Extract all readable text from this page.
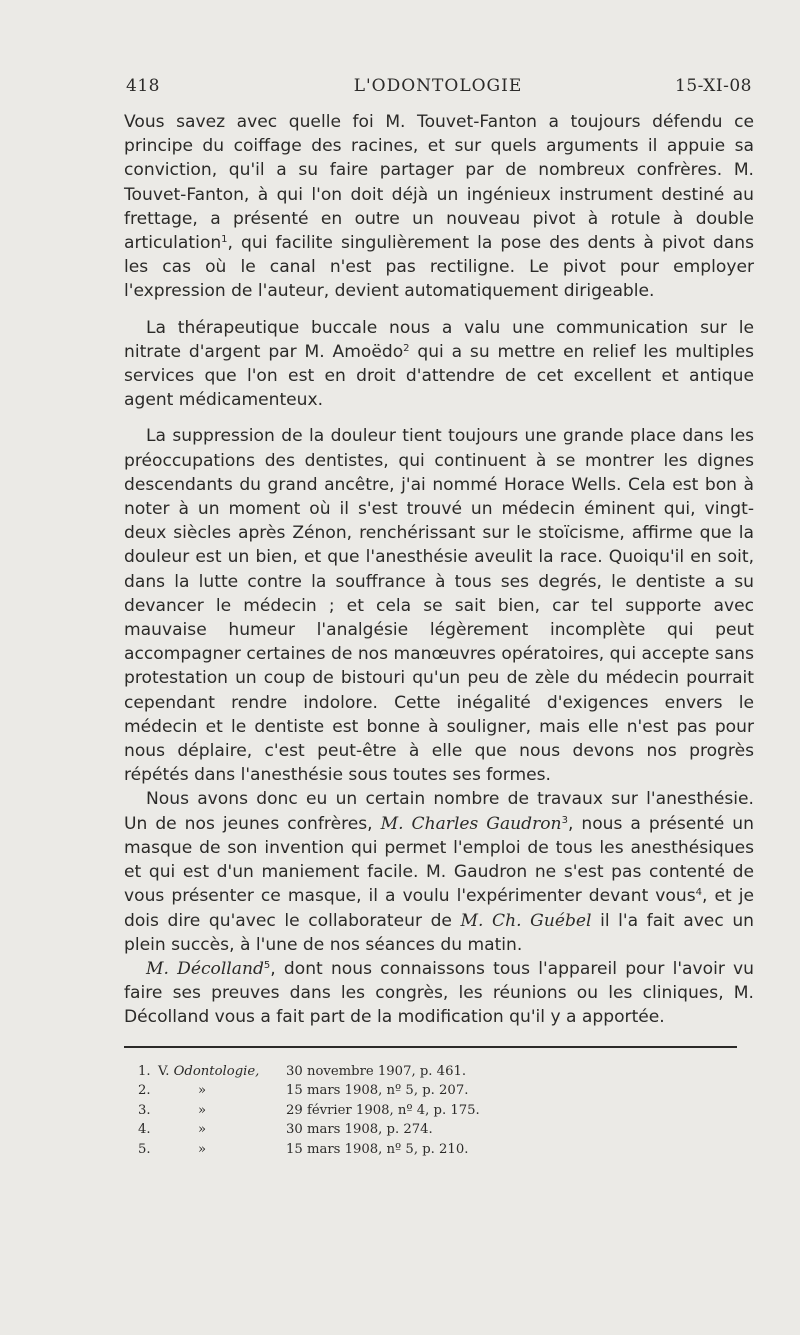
418	L'ODONTOLOGIE	15-XI-08

Vous savez avec quelle foi M. Touvet-Fanton a toujours défendu ce principe du coiffage des racines, et sur quels arguments il appuie sa conviction, qu'il a su faire partager par de nombreux confrères. M. Touvet-Fanton, à qui l'on doit déjà un ingénieux instrument destiné au frettage, a présenté en outre un nouveau pivot à rotule à double articulation$^1$, qui facilite singulièrement la pose des dents à pivot dans les cas où le canal n'est pas rectiligne. Le pivot pour employer l'expression de l'auteur, devient automatiquement dirigeable.

La thérapeutique buccale nous a valu une communication sur le nitrate d'argent par M. Amoëdo$^2$ qui a su mettre en relief les multiples services que l'on est en droit d'attendre de cet excellent et antique agent médicamenteux.

La suppression de la douleur tient toujours une grande place dans les préoccupations des dentistes, qui continuent à se montrer les dignes descendants du grand ancêtre, j'ai nommé Horace Wells. Cela est bon à noter à un moment où il s'est trouvé un médecin éminent qui, vingt-deux siècles après Zénon, renchérissant sur le stoïcisme, affirme que la douleur est un bien, et que l'anesthésie aveulit la race. Quoiqu'il en soit, dans la lutte contre la souffrance à tous ses degrés, le dentiste a su devancer le médecin ; et cela se sait bien, car tel supporte avec mauvaise humeur l'analgésie légèrement incomplète qui peut accompagner certaines de nos manœuvres opératoires, qui accepte sans protestation un coup de bistouri qu'un peu de zèle du médecin pourrait cependant rendre indolore. Cette inégalité d'exigences envers le médecin et le dentiste est bonne à souligner, mais elle n'est pas pour nous déplaire, c'est peut-être à elle que nous devons nos progrès répétés dans l'anesthésie sous toutes ses formes.

Nous avons donc eu un certain nombre de travaux sur l'anesthésie. Un de nos jeunes confrères, M. Charles Gaudron$^3$, nous a présenté un masque de son invention qui permet l'emploi de tous les anesthésiques et qui est d'un maniement facile. M. Gaudron ne s'est pas contenté de vous présenter ce masque, il a voulu l'expérimenter devant vous$^4$, et je dois dire qu'avec le collaborateur de M. Ch. Guébel il l'a fait avec un plein succès, à l'une de nos séances du matin.

M. Décolland$^5$, dont nous connaissons tous l'appareil pour l'avoir vu faire ses preuves dans les congrès, les réunions ou les cliniques, M. Décolland vous a fait part de la modification qu'il y a apportée.

1. V. Odontologie, 30 novembre 1907, p. 461.
2.	»	15 mars 1908, nº 5, p. 207.
3.	»	29 février 1908, nº 4, p. 175.
4.	»	30 mars 1908, p. 274.
5.	»	15 mars 1908, nº 5, p. 210.
